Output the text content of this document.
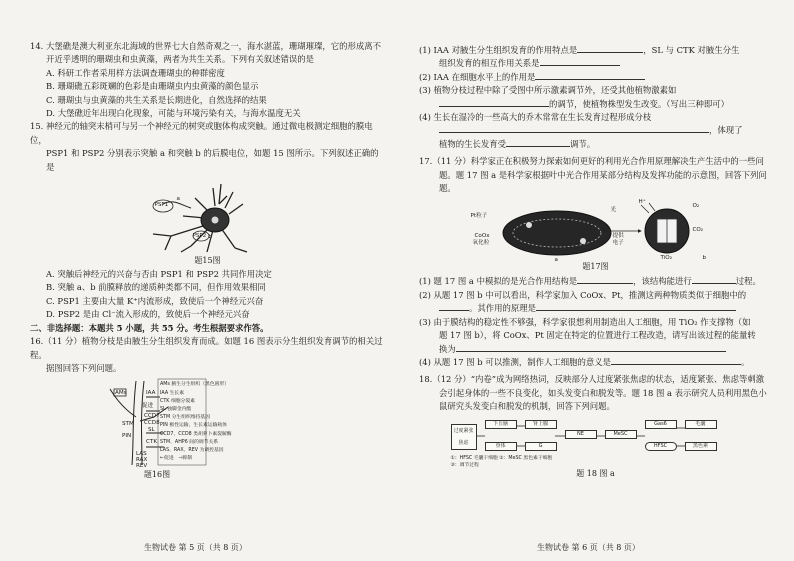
14. 大堡礁是澳大利亚东北海域的世界七大自然奇观之一，海水湛蓝，珊瑚璀璨，它的形成离不

开近乎透明的珊瑚虫和虫黄藻，两者为共生关系。下列有关叙述错误的是

A. 科研工作者采用样方法调查珊瑚虫的种群密度

B. 珊瑚礁五彩斑斓的色彩是由珊瑚虫内虫黄藻的颜色显示

C. 珊瑚虫与虫黄藻的共生关系是长期进化，自然选择的结果

D. 大堡礁近年出现白化现象，可能与环境污染有关，与海水温度无关

15. 神经元的轴突末梢可与另一个神经元的树突或胞体构成突触。通过微电极测定细胞的膜电位，

PSP1 和 PSP2 分别表示突触 a 和突触 b 的后膜电位，如题 15 图所示。下列叙述正确的是

PSP1
a
PSP2 b
题15图

A. 突触后神经元的兴奋与否由 PSP1 和 PSP2 共同作用决定

B. 突触 a、b 前膜释放的递质种类都不同，但作用效果相同

C. PSP1 主要由大量 K⁺内流形成，致使后一个神经元兴奋

D. PSP2 是由 Cl⁻流入形成的，致使后一个神经元兴奋

二、非选择题：本题共 5 小题，共 55 分。考生根据要求作答。

16.（11 分）植物分枝是由腋生分生组织发育而成。如题 16 图表示分生组织发育调节的相关过程。

据图回答下列问题。

AMs	IAA
STM
PIN
CTK
促进
CCD7
CCD8
SL
LAS
RAX
REV
AMs 腋生分生组织（黑色圆形）
IAA 生长素
CTK 细胞分裂素
SL 独脚金内酯
STM 分生组织维持基因
PIN 极性运输，生长素运输载体
CCD7、CCD8 类胡萝卜素裂解酶
STM、AHP6 间的调节关系
LAS、RAX、REV 为调控基因
←促进　⊣抑制
题16图
生物试卷 第 5 页（共 8 页）

(1) IAA 对腋生分生组织发育的作用特点是	，SL 与 CTK 对腋生分生

组织发育的相互作用关系是

(2) IAA 在细胞水平上的作用是

(3) 植物分枝过程中除了受图中所示激素调节外，还受其他植物激素如

的调节，使植物株型发生改变。（写出三种即可）

(4) 生长在湿冷的一些高大的乔木常常在生长发育过程形成分枝

，体现了

植物的生长发育受	调节。

17.（11 分）科学家正在积极努力探索如何更好的利用光合作用原理解决生产生活中的一些问

题。题 17 图 a 是科学家根据叶中光合作用某部分结构及发挥功能的示意图，回答下列问题。

Pt粒子
CoOx
氧化粒
光
提供
电子
H⁺
O₂
CO₂
TiO₂
a	b
题17图

(1) 题 17 图 a 中模拟的是光合作用结构是	，该结构能进行	过程。

(2) 从题 17 图 b 中可以看出，科学家加入 CoOx、Pt，推测这两种物质类似于细胞中的

。其作用的原理是

(3) 由于膜结构的稳定性不够强，科学家很想利用制造出人工细胞，用 TiO₂ 作支撑物（如

题 17 图 b），将 CoOx、Pt 固定在特定的位置进行工程改造，请写出该过程的能量转

换为

(4) 从题 17 图 b 可以推测，制作人工细胞的意义是	。

18.（12 分）“内卷”成为网络热词，反映部分人过度紧张焦虑的状态，适度紧张、焦虑等刺激

会引起身体的一些不良变化，如头发变白和脱发等。题 18 图 a 表示研究人员利用黑色小

鼠研究头发变白和脱发的机制，回答下列问题。

过度紧张焦虑
下丘脑
垂体
肾上腺
G
NE	MeSC
Gas6
HFSC
毛囊
黑色素
①：HFSC 毛囊干细胞 ②：MeSC 黑色素干细胞
③：调节过程
题 18 图 a
生物试卷 第 6 页（共 8 页）
